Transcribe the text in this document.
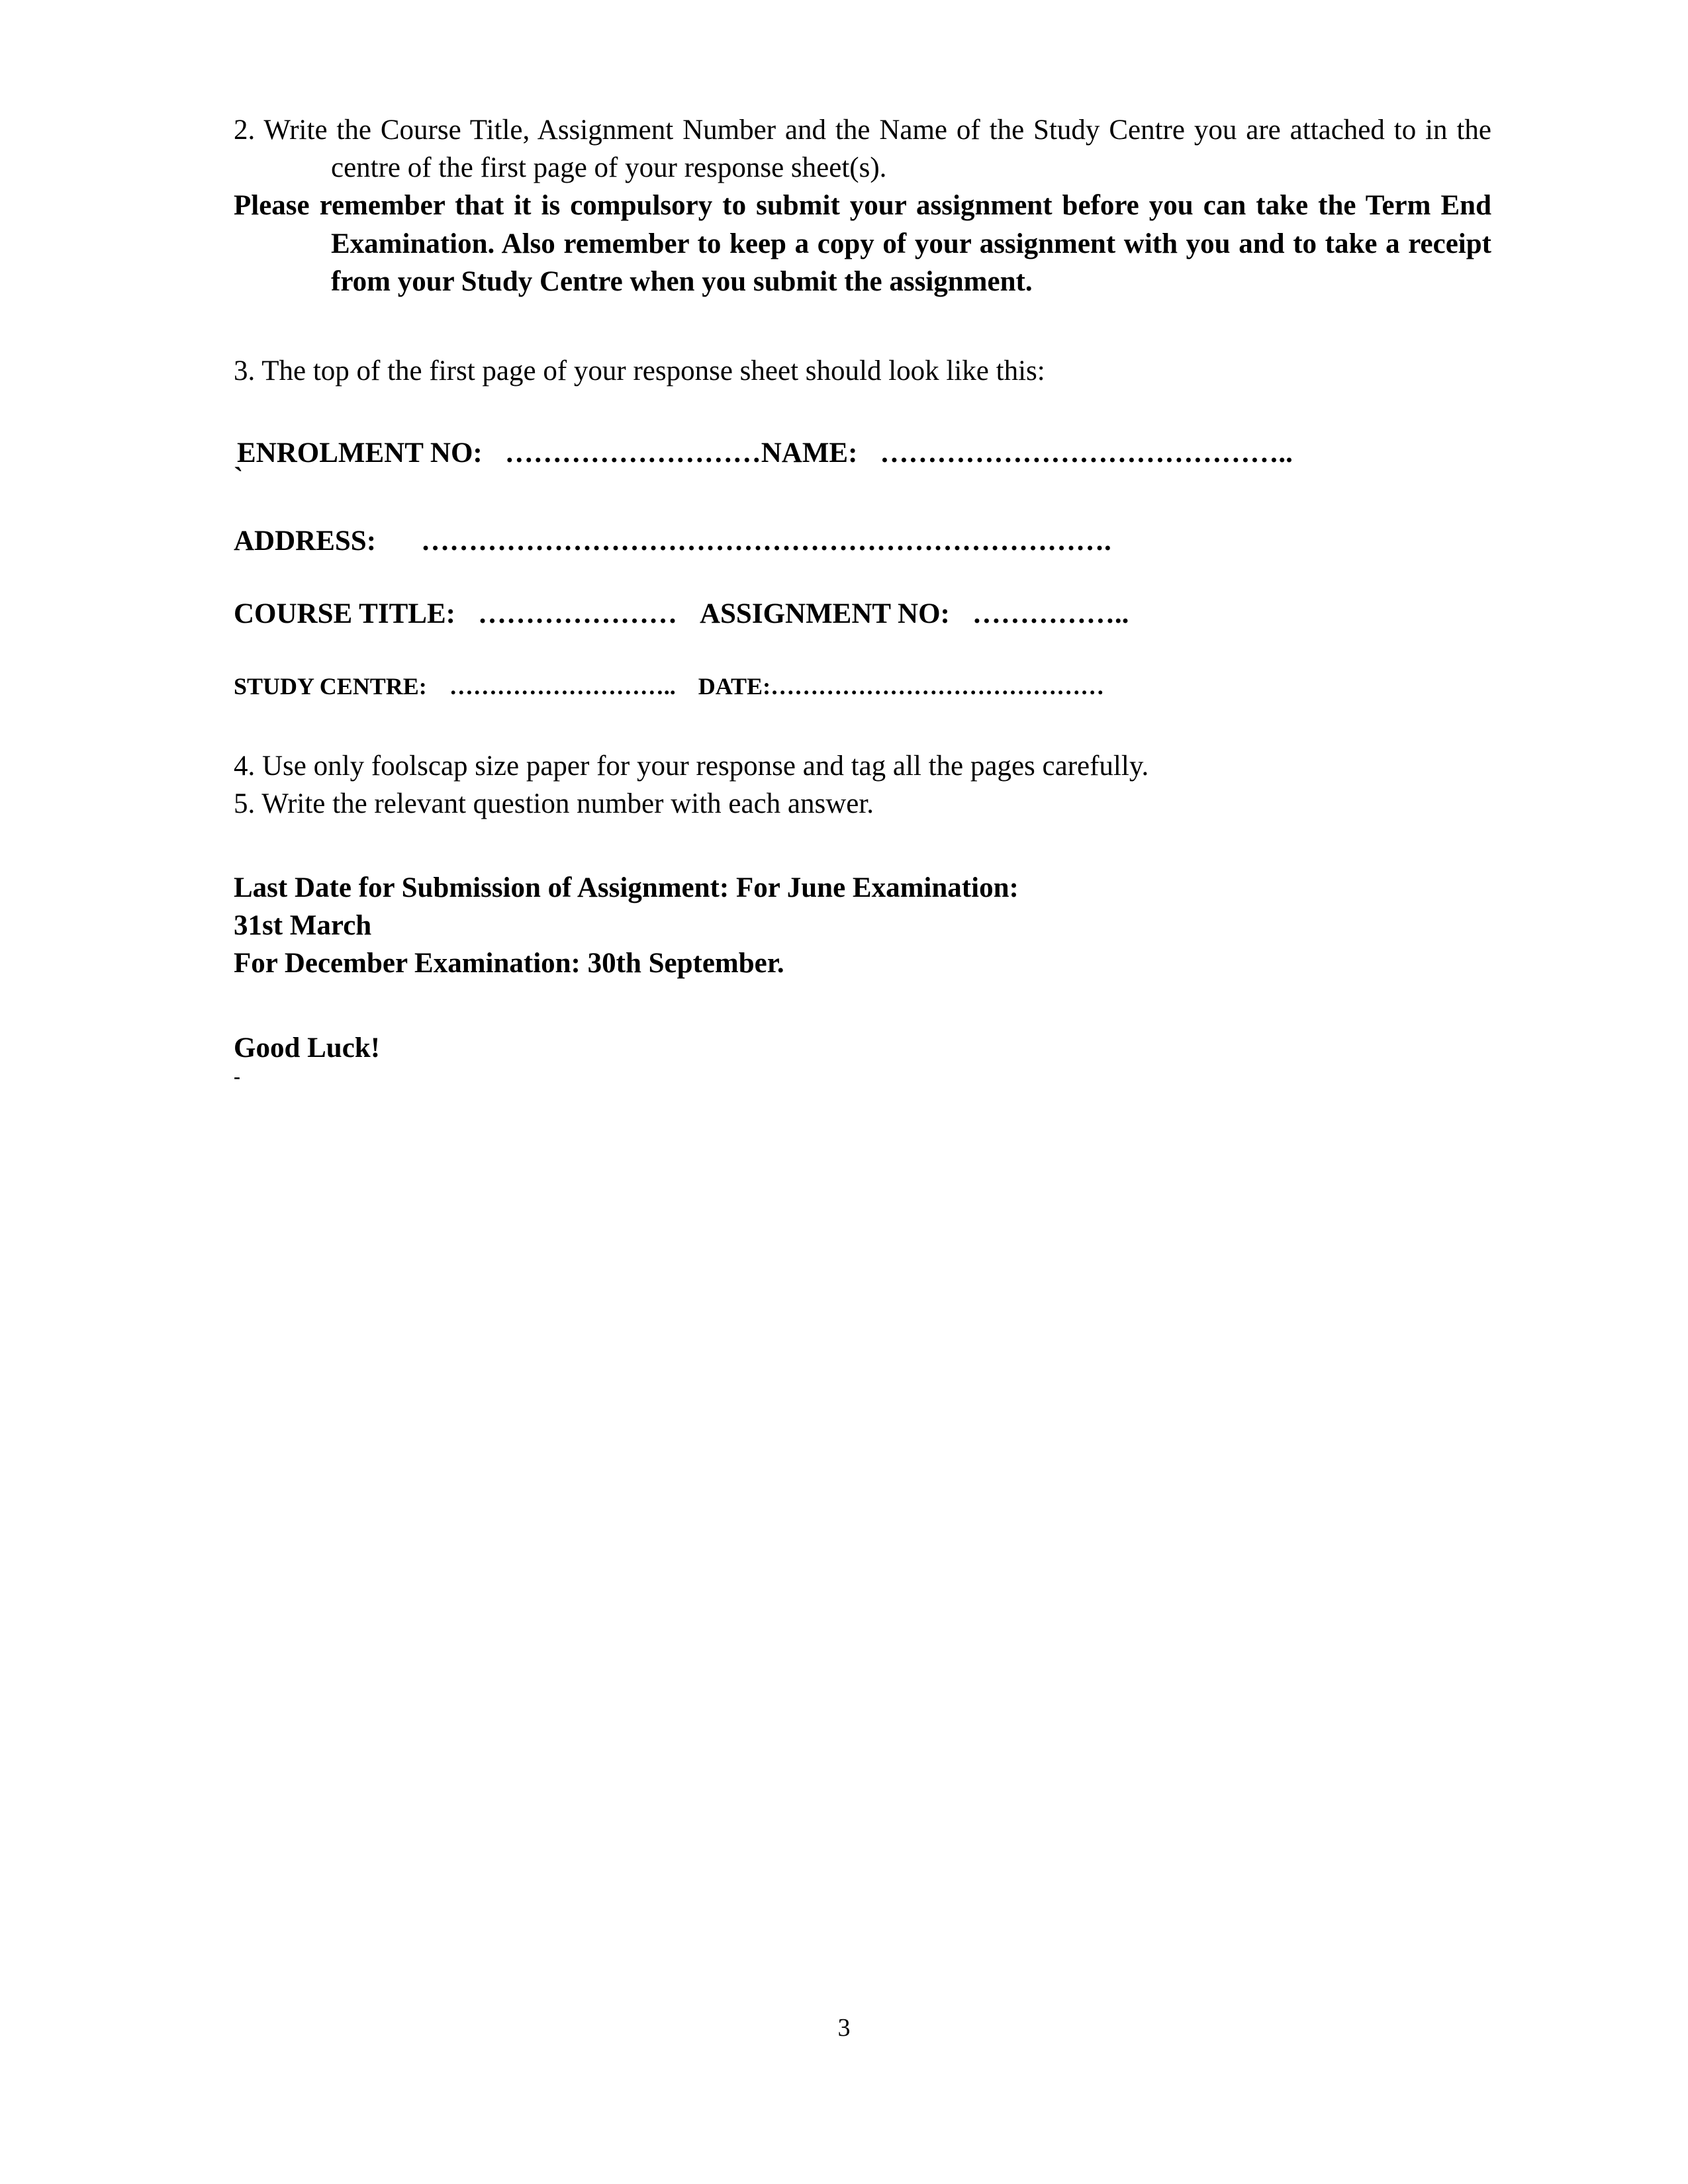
2. Write the Course Title, Assignment Number and the Name of the Study Centre you are attached to in the centre of the first page of your response sheet(s).

Please remember that it is compulsory to submit your assignment before you can take the Term End Examination. Also remember to keep a copy of your assignment with you and to take a receipt from your Study Centre when you submit the assignment.

3. The top of the first page of your response sheet should look like this:

ENROLMENT NO: ………………………NAME: ……………………………………..

`

ADDRESS: ……………………………………………………………….

COURSE TITLE: ………………… ASSIGNMENT NO: ……………..

STUDY CENTRE: ……………………….. DATE:……………………………………

4. Use only foolscap size paper for your response and tag all the pages carefully.

5. Write the relevant question number with each answer.

Last Date for Submission of Assignment: For June Examination:

31st March

For December Examination: 30th September.

Good Luck!

-

3
